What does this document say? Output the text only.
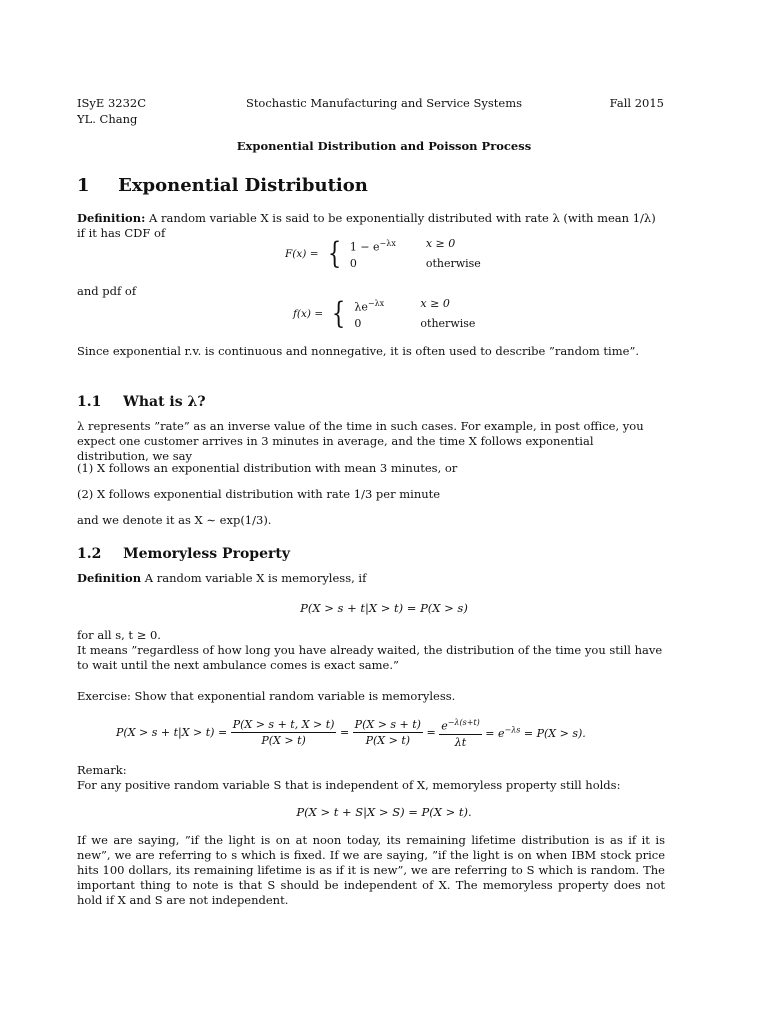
ISyE 3232C
YL. Chang
Stochastic Manufacturing and Service Systems	Fall 2015
Exponential Distribution and Poisson Process
1 Exponential Distribution
Definition: A random variable X is said to be exponentially distributed with rate λ (with mean 1/λ) if it has CDF of
F(x) = { $1 - e^{-\lambda x}$	x ≥ 0
0	otherwise
and pdf of
f(x) = { $\lambda e^{-\lambda x}$	x ≥ 0
0	otherwise
Since exponential r.v. is continuous and nonnegative, it is often used to describe ”random time”.
1.1 What is λ?
λ represents ”rate” as an inverse value of the time in such cases. For example, in post office, you expect one customer arrives in 3 minutes in average, and the time X follows exponential distribution, we say
(1) X follows an exponential distribution with mean 3 minutes, or
(2) X follows exponential distribution with rate 1/3 per minute
and we denote it as X ∼ exp(1/3).
1.2 Memoryless Property
Definition A random variable X is memoryless, if
P(X > s + t|X > t) = P(X > s)
for all s, t ≥ 0.
It means ”regardless of how long you have already waited, the distribution of the time you still have to wait until the next ambulance comes is exact same.”
Exercise: Show that exponential random variable is memoryless.
$P(X > s + t|X > t) = \frac{P(X > s + t, X > t)}{P(X > t)} = \frac{P(X > s + t)}{P(X > t)} = \frac{e^{-\lambda(s+t)}}{\lambda t} = e^{-\lambda s} = P(X > s)$.
Remark:
For any positive random variable S that is independent of X, memoryless property still holds:
P(X > t + S|X > S) = P(X > t).
If we are saying, ”if the light is on at noon today, its remaining lifetime distribution is as if it is new”, we are referring to s which is fixed. If we are saying, ”if the light is on when IBM stock price hits 100 dollars, its remaining lifetime is as if it is new”, we are referring to S which is random. The important thing to note is that S should be independent of X. The memoryless property does not hold if X and S are not independent.
